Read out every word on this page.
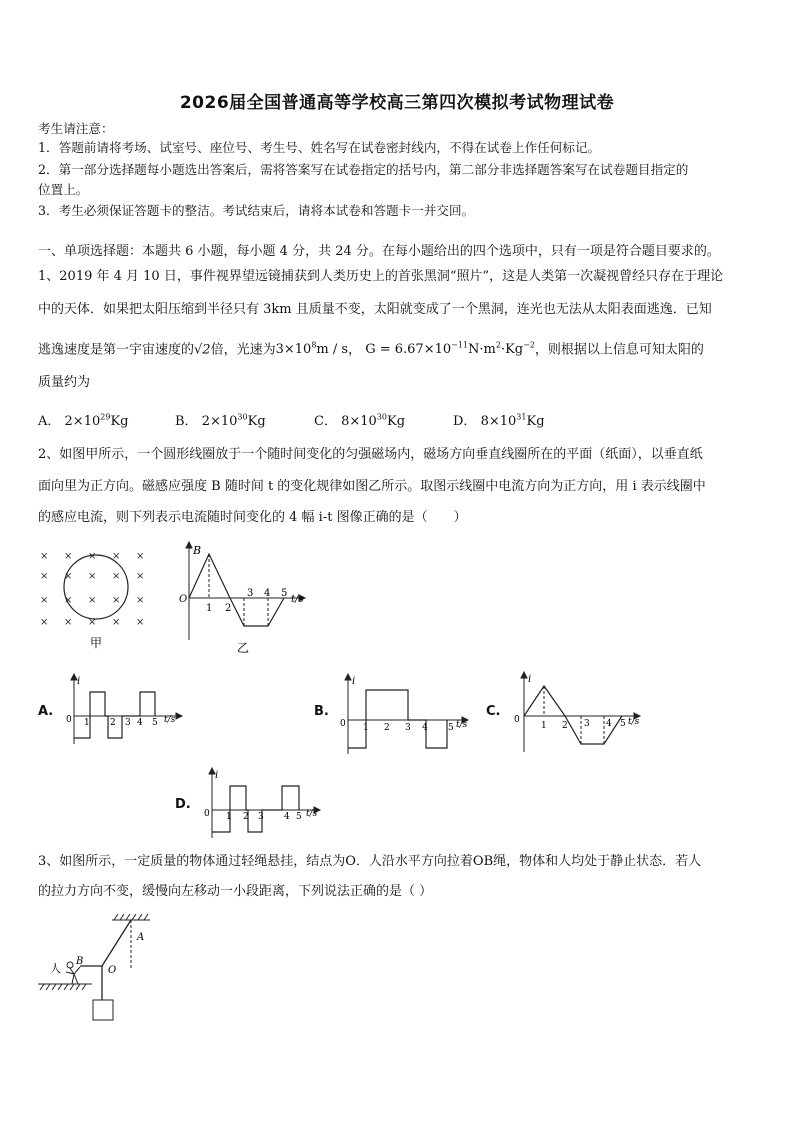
2026届全国普通高等学校高三第四次模拟考试物理试卷
考生请注意：
1．答题前请将考场、试室号、座位号、考生号、姓名写在试卷密封线内，不得在试卷上作任何标记。
2．第一部分选择题每小题选出答案后，需将答案写在试卷指定的括号内，第二部分非选择题答案写在试卷题目指定的
位置上。
3．考生必须保证答题卡的整洁。考试结束后，请将本试卷和答题卡一并交回。
一、单项选择题：本题共 6 小题，每小题 4 分，共 24 分。在每小题给出的四个选项中，只有一项是符合题目要求的。
1、2019 年 4 月 10 日，事件视界望远镜捕获到人类历史上的首张黑洞“照片”，这是人类第一次凝视曾经只存在于理论
中的天体．如果把太阳压缩到半径只有 3km 且质量不变，太阳就变成了一个黑洞，连光也无法从太阳表面逃逸．已知
逃逸速度是第一宇宙速度的√2倍，光速为$3\times 10^8m / s$， $G = 6.67\times 10^{-11}N\cdot m^2\cdot Kg^{-2}$，则根据以上信息可知太阳的
质量约为
A． $2\times 10^{29}Kg$	B． $2\times 10^{30}Kg$	C． $8\times 10^{30}Kg$	D． $8\times 10^{31}Kg$
2、如图甲所示，一个圆形线圈放于一个随时间变化的匀强磁场内，磁场方向垂直线圈所在的平面（纸面），以垂直纸
面向里为正方向。磁感应强度 B 随时间 t 的变化规律如图乙所示。取图示线圈中电流方向为正方向，用 i 表示线圈中
的感应电流，则下列表示电流随时间变化的 4 幅 i-t 图像正确的是（　　）
× × × × ×
× × × × ×
× × × × ×
× × × × ×
甲
B
O
1 2
3 4 5
t/s
乙
A.
i
0 1 2 3 4 5 t/s
B.
i
0 1 2 3 4 5 t/s
C.
i
0
1 2 3 4 5 t/s
D.
i
0 1 2 3 4 5 t/s
3、如图所示，一定质量的物体通过轻绳悬挂，结点为O．人沿水平方向拉着OB绳，物体和人均处于静止状态．若人
的拉力方向不变，缓慢向左移动一小段距离，下列说法正确的是（ ）
人
B
O
A
